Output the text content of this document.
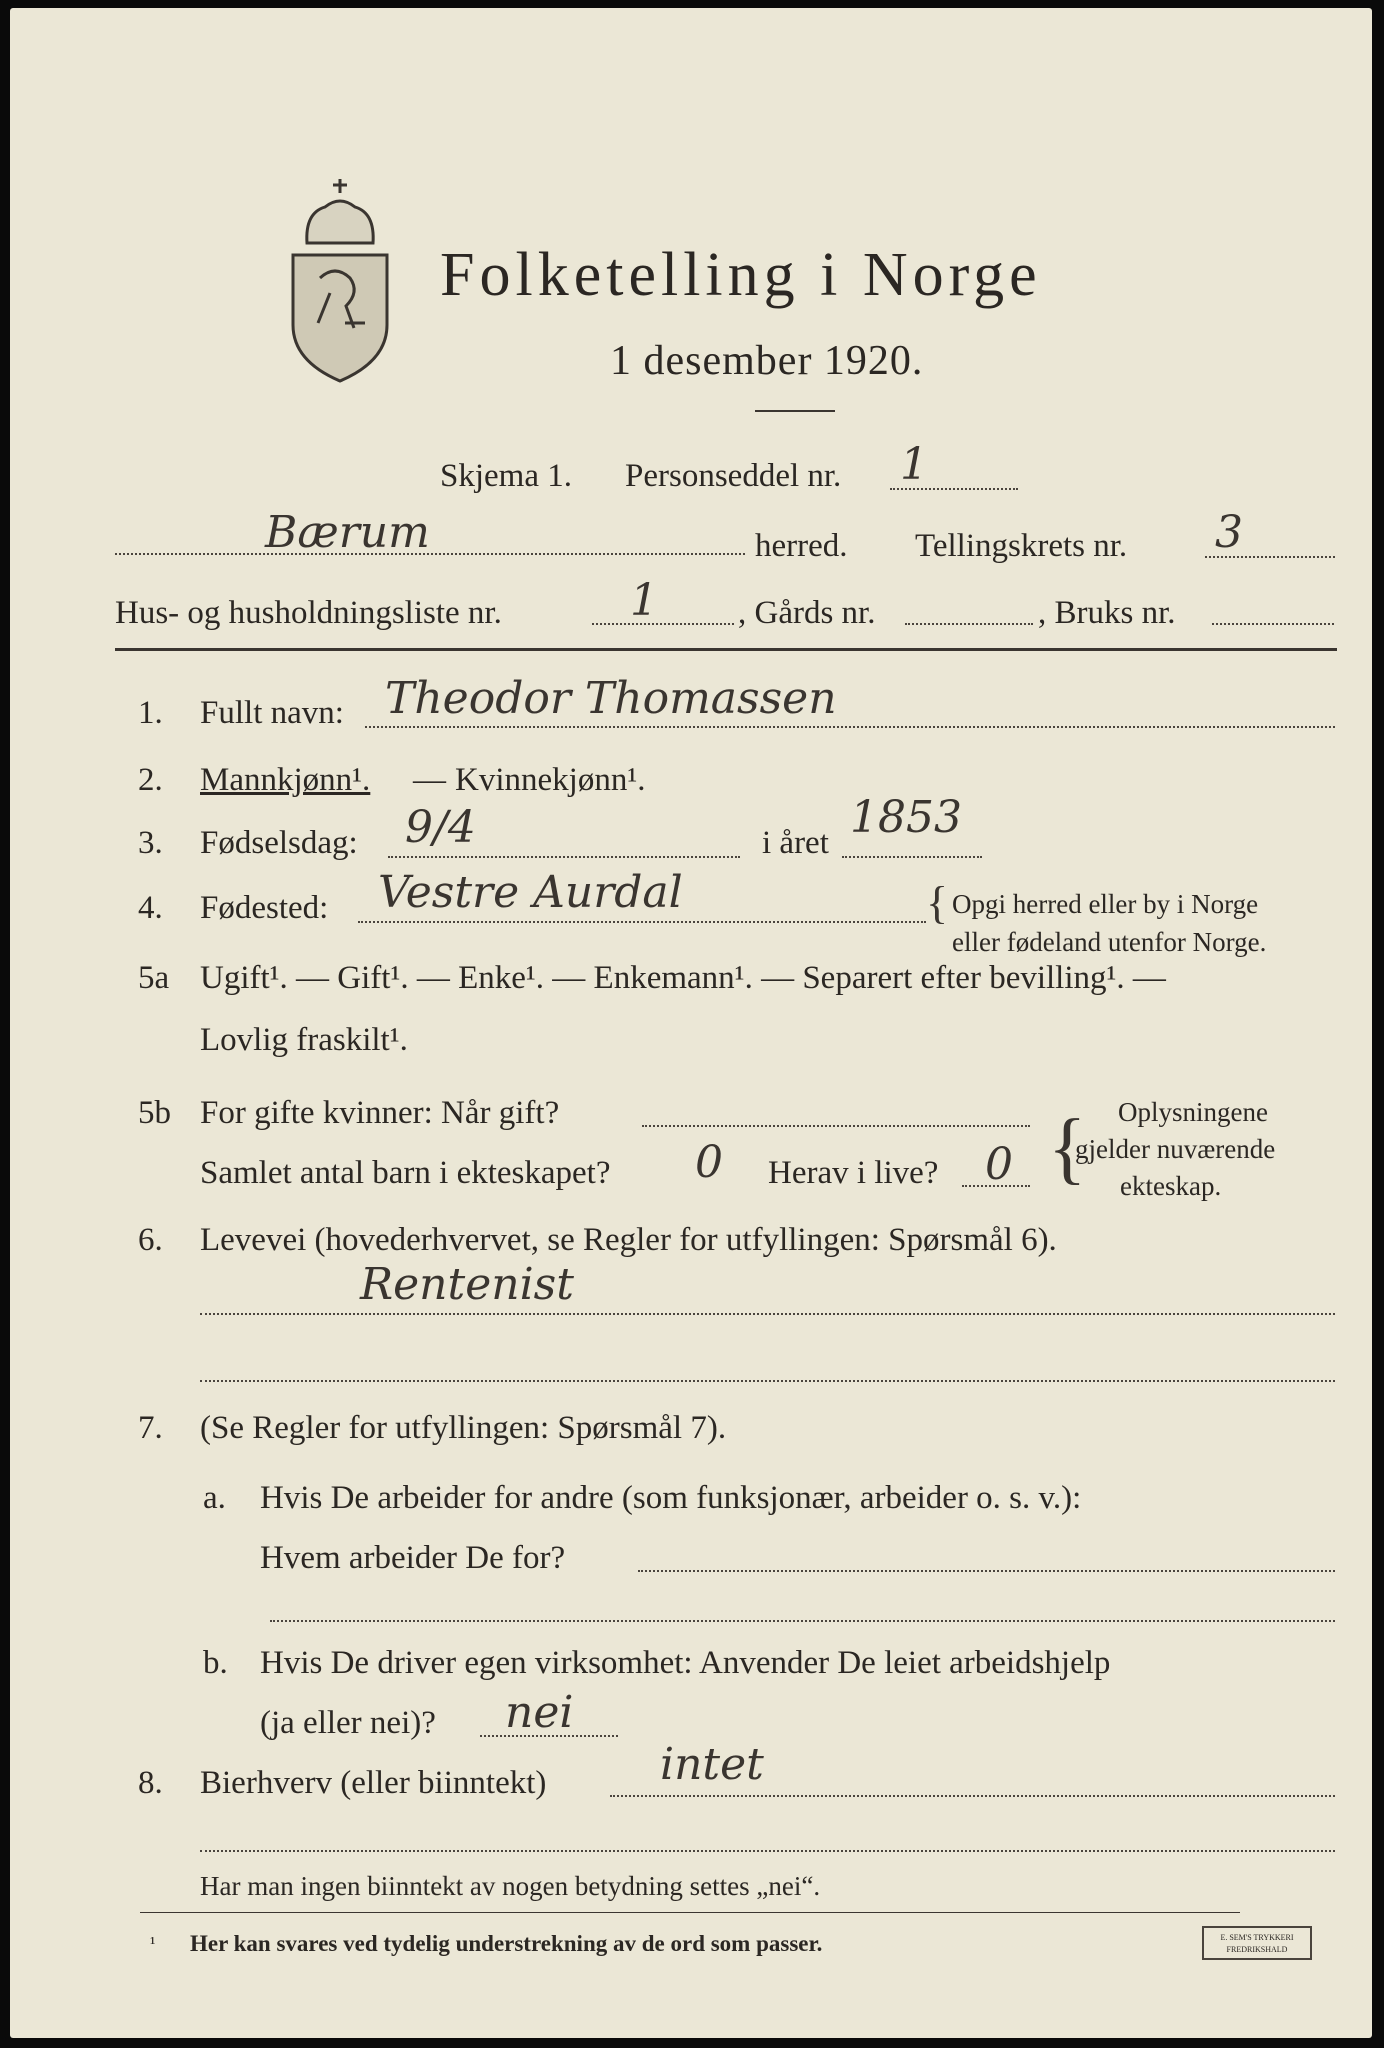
Folketelling i Norge
1 desember 1920.
Skjema 1. Personseddel nr. 1
Bærum	herred. Tellingskrets nr. 3
Hus- og husholdningsliste nr.	1 , Gårds nr.	, Bruks nr.
1. Fullt navn: Theodor Thomassen
2. Mannkjønn¹. — Kvinnekjønn¹.
3. Fødselsdag: 9/4	i året 1853
4. Fødested: Vestre Aurdal	{ Opgi herred eller by i Norge
eller fødeland utenfor Norge.
5a Ugift¹. — Gift¹. — Enke¹. — Enkemann¹. — Separert efter bevilling¹. —
Lovlig fraskilt¹.
5b For gifte kvinner: Når gift?
Samlet antal barn i ekteskapet? 0 Herav i live? 0 { Oplysningene
gjelder nuværende
ekteskap.
6. Levevei (hovederhvervet, se Regler for utfyllingen: Spørsmål 6).
Rentenist
7. (Se Regler for utfyllingen: Spørsmål 7).
a. Hvis De arbeider for andre (som funksjonær, arbeider o. s. v.):
Hvem arbeider De for?
b. Hvis De driver egen virksomhet: Anvender De leiet arbeidshjelp
(ja eller nei)? nei
8. Bierhverv (eller biinntekt)	intet
Har man ingen biinntekt av nogen betydning settes „nei“.
¹ Her kan svares ved tydelig understrekning av de ord som passer.	E. SEM'S TRYKKERI FREDRIKSHALD
